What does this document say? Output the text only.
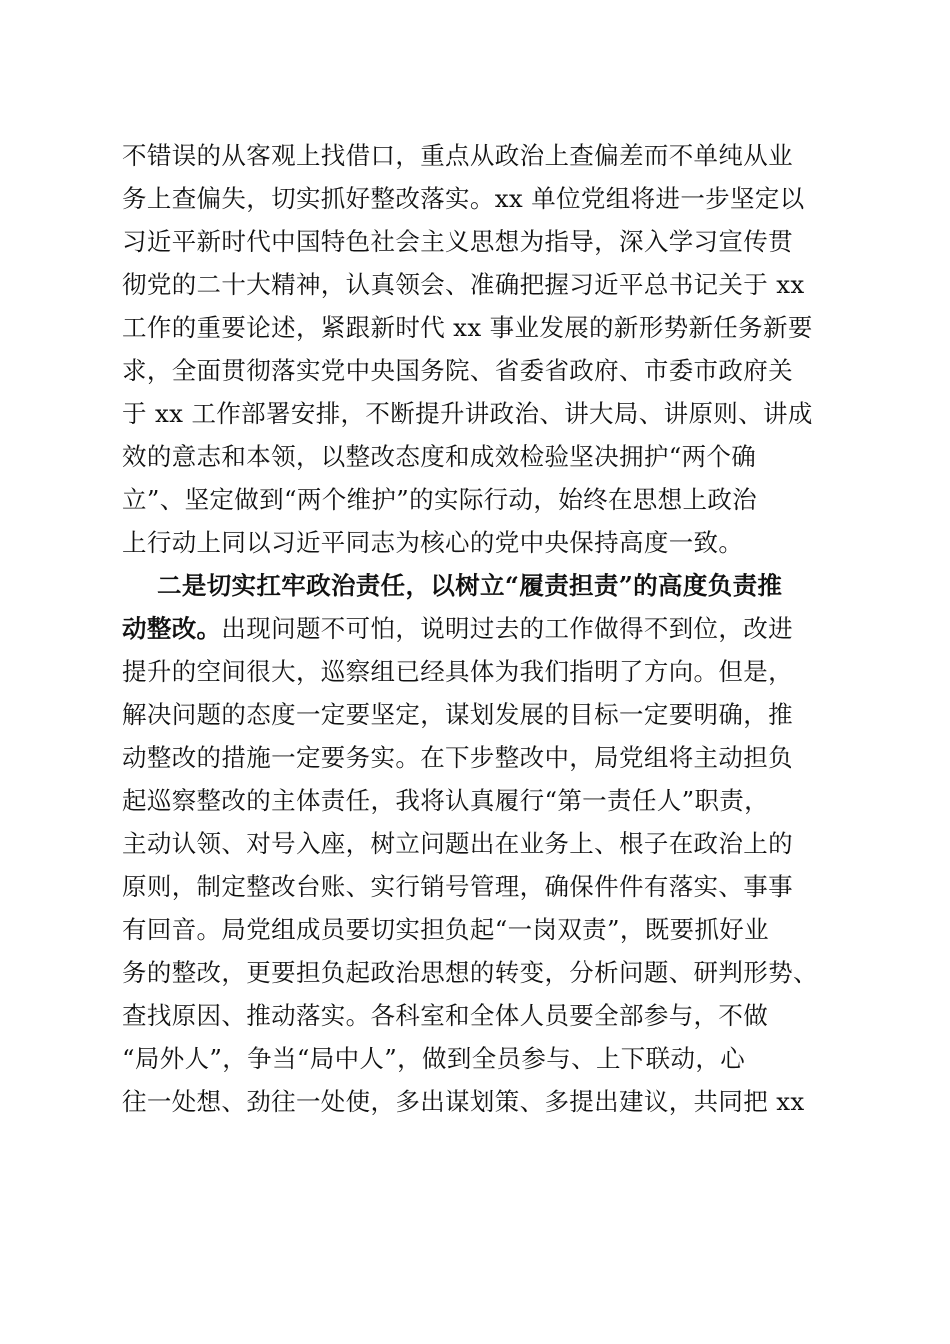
不错误的从客观上找借口，重点从政治上查偏差而不单纯从业
务上查偏失，切实抓好整改落实。xx 单位党组将进一步坚定以
习近平新时代中国特色社会主义思想为指导，深入学习宣传贯
彻党的二十大精神，认真领会、准确把握习近平总书记关于 xx
工作的重要论述，紧跟新时代 xx 事业发展的新形势新任务新要
求，全面贯彻落实党中央国务院、省委省政府、市委市政府关
于 xx 工作部署安排，不断提升讲政治、讲大局、讲原则、讲成
效的意志和本领，以整改态度和成效检验坚决拥护“两个确
立”、坚定做到“两个维护”的实际行动，始终在思想上政治
上行动上同以习近平同志为核心的党中央保持高度一致。
二是切实扛牢政治责任，以树立“履责担责”的高度负责推
动整改。出现问题不可怕，说明过去的工作做得不到位，改进
提升的空间很大，巡察组已经具体为我们指明了方向。但是，
解决问题的态度一定要坚定，谋划发展的目标一定要明确，推
动整改的措施一定要务实。在下步整改中，局党组将主动担负
起巡察整改的主体责任，我将认真履行“第一责任人”职责，
主动认领、对号入座，树立问题出在业务上、根子在政治上的
原则，制定整改台账、实行销号管理，确保件件有落实、事事
有回音。局党组成员要切实担负起“一岗双责”，既要抓好业
务的整改，更要担负起政治思想的转变，分析问题、研判形势、
查找原因、推动落实。各科室和全体人员要全部参与，不做
“局外人”，争当“局中人”，做到全员参与、上下联动，心
往一处想、劲往一处使，多出谋划策、多提出建议，共同把 xx
